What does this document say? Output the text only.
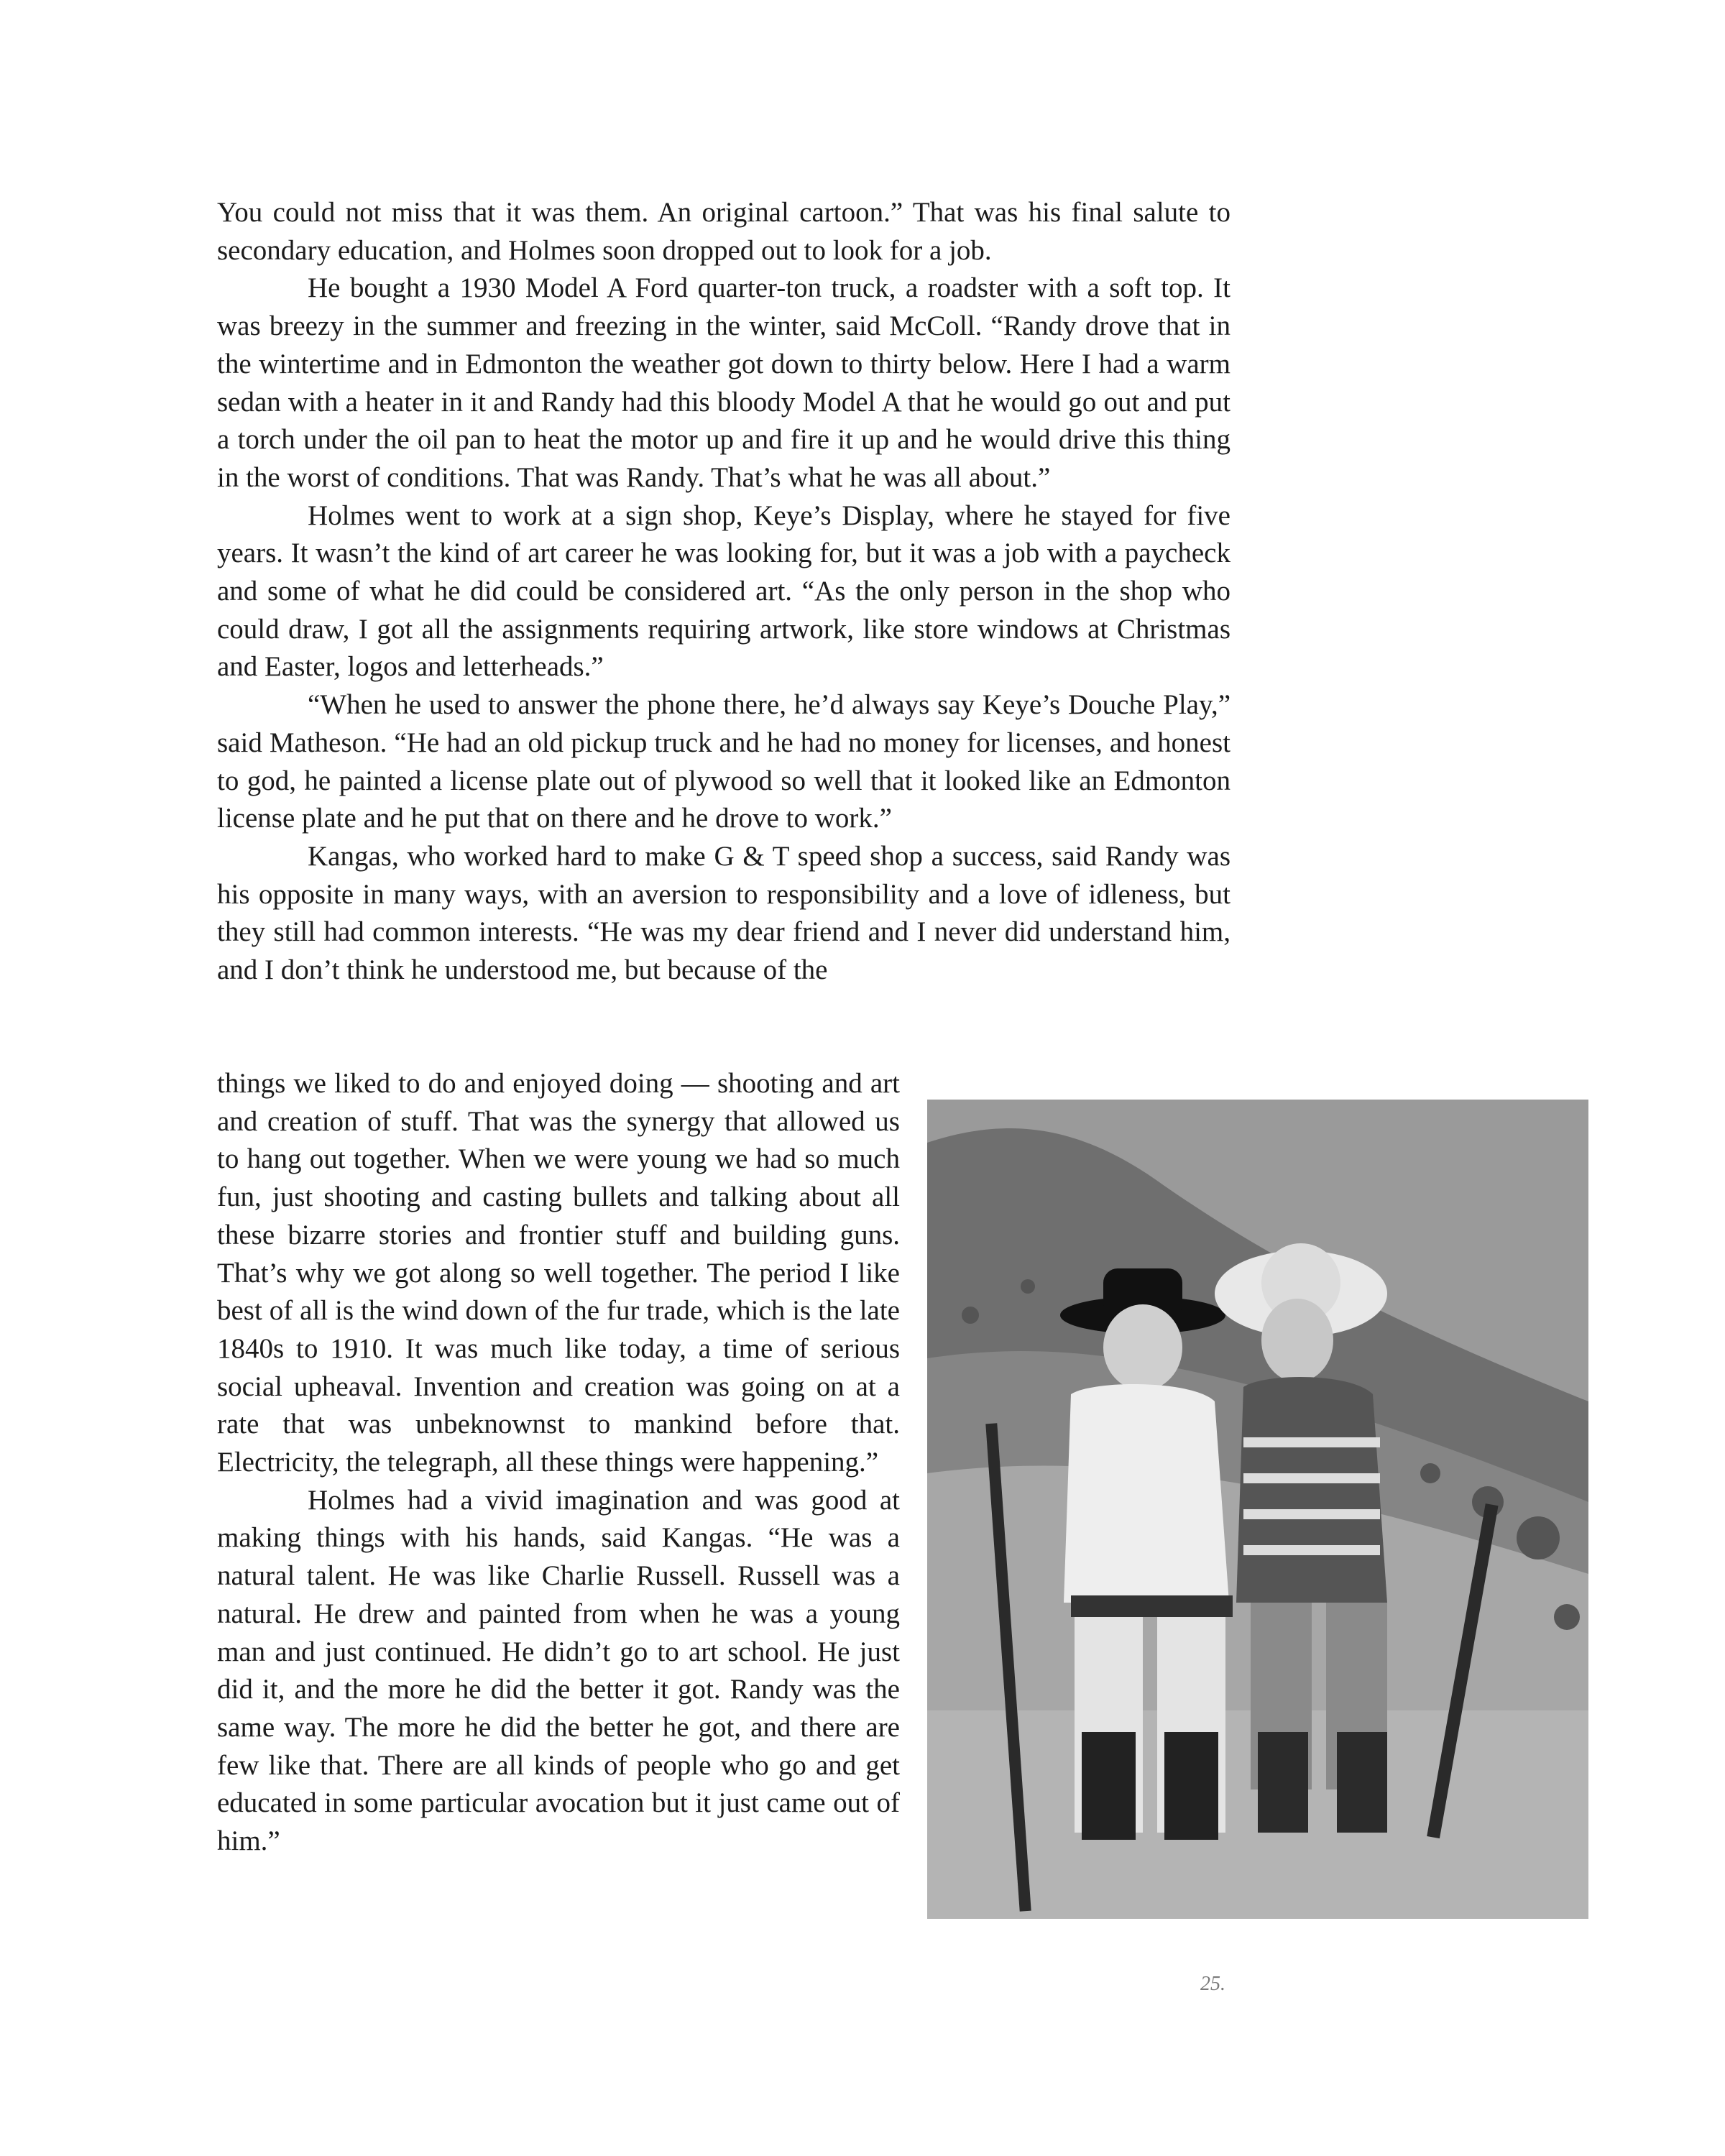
You could not miss that it was them. An original cartoon.” That was his final salute to secondary education, and Holmes soon dropped out to look for a job.

He bought a 1930 Model A Ford quarter-ton truck, a roadster with a soft top. It was breezy in the summer and freezing in the winter, said McColl. “Randy drove that in the wintertime and in Edmonton the weather got down to thirty below. Here I had a warm sedan with a heater in it and Randy had this bloody Model A that he would go out and put a torch under the oil pan to heat the motor up and fire it up and he would drive this thing in the worst of conditions. That was Randy. That’s what he was all about.”

Holmes went to work at a sign shop, Keye’s Display, where he stayed for five years. It wasn’t the kind of art career he was looking for, but it was a job with a paycheck and some of what he did could be considered art. “As the only person in the shop who could draw, I got all the assignments requiring artwork, like store windows at Christmas and Easter, logos and letterheads.”

“When he used to answer the phone there, he’d always say Keye’s Douche Play,” said Matheson. “He had an old pickup truck and he had no money for licenses, and honest to god, he painted a license plate out of plywood so well that it looked like an Edmonton license plate and he put that on there and he drove to work.”

Kangas, who worked hard to make G & T speed shop a success, said Randy was his opposite in many ways, with an aversion to responsibility and a love of idleness, but they still had common interests. “He was my dear friend and I never did understand him, and I don’t think he understood me, but because of the

things we liked to do and enjoyed doing — shooting and art and creation of stuff. That was the synergy that allowed us to hang out together. When we were young we had so much fun, just shooting and casting bullets and talking about all these bizarre stories and frontier stuff and building guns. That’s why we got along so well together. The period I like best of all is the wind down of the fur trade, which is the late 1840s to 1910. It was much like today, a time of serious social upheaval. Invention and creation was going on at a rate that was unbeknownst to mankind before that. Electricity, the telegraph, all these things were happening.”

Holmes had a vivid imagination and was good at making things with his hands, said Kangas. “He was a natural talent. He was like Charlie Russell. Russell was a natural. He drew and painted from when he was a young man and just continued. He didn’t go to art school. He just did it, and the more he did the better it got. Randy was the same way. The more he did the better he got, and there are few like that. There are all kinds of people who go and get educated in some particular avocation but it just came out of him.”

25.
